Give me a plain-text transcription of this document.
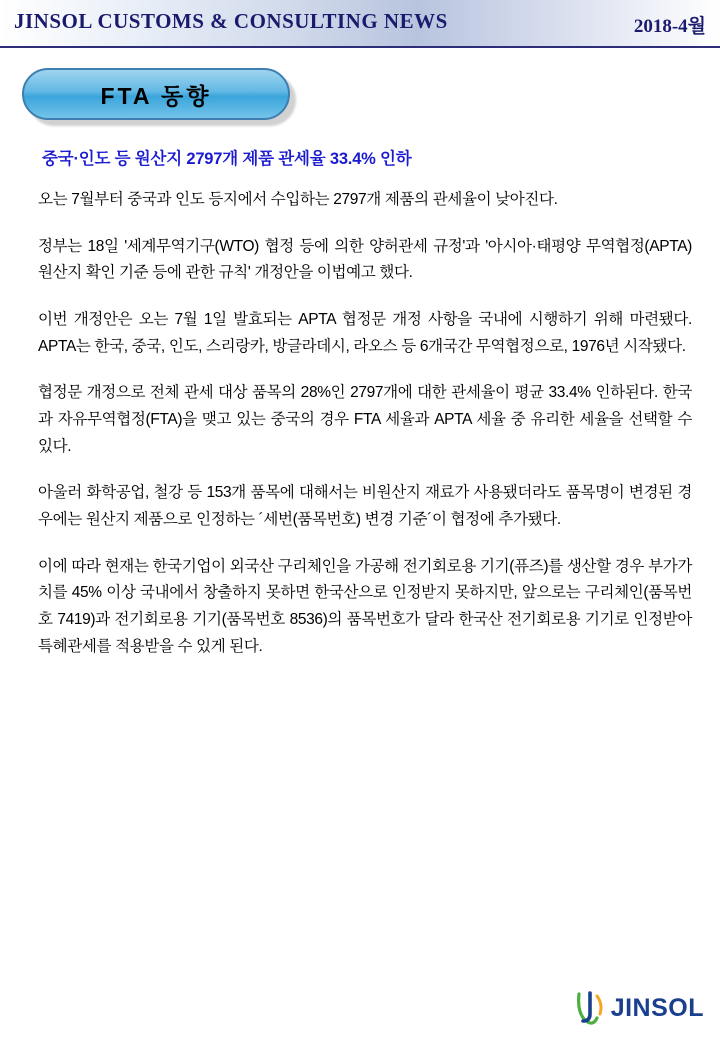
JINSOL CUSTOMS & CONSULTING NEWS	2018-4월
FTA 동향
중국·인도 등 원산지 2797개 제품 관세율 33.4% 인하

오는 7월부터 중국과 인도 등지에서 수입하는 2797개 제품의 관세율이 낮아진다.

정부는 18일 '세계무역기구(WTO) 협정 등에 의한 양허관세 규정'과 '아시아·태평양 무역협정(APTA) 원산지 확인 기준 등에 관한 규칙' 개정안을 이법예고 했다.

이번 개정안은 오는 7월 1일 발효되는 APTA 협정문 개정 사항을 국내에 시행하기 위해 마련됐다. APTA는 한국, 중국, 인도, 스리랑카, 방글라데시, 라오스 등 6개국간 무역협정으로, 1976년 시작됐다.

협정문 개정으로 전체 관세 대상 품목의 28%인 2797개에 대한 관세율이 평균 33.4% 인하된다. 한국과 자유무역협정(FTA)을 맺고 있는 중국의 경우 FTA 세율과 APTA 세율 중 유리한 세율을 선택할 수 있다.

아울러 화학공업, 철강 등 153개 품목에 대해서는 비원산지 재료가 사용됐더라도 품목명이 변경된 경우에는 원산지 제품으로 인정하는 ´세번(품목번호) 변경 기준´이 협정에 추가됐다.

이에 따라 현재는 한국기업이 외국산 구리체인을 가공해 전기회로용 기기(퓨즈)를 생산할 경우 부가가치를 45% 이상 국내에서 창출하지 못하면 한국산으로 인정받지 못하지만, 앞으로는 구리체인(품목번호 7419)과 전기회로용 기기(품목번호 8536)의 품목번호가 달라 한국산 전기회로용 기기로 인정받아 특혜관세를 적용받을 수 있게 된다.

JINSOL
